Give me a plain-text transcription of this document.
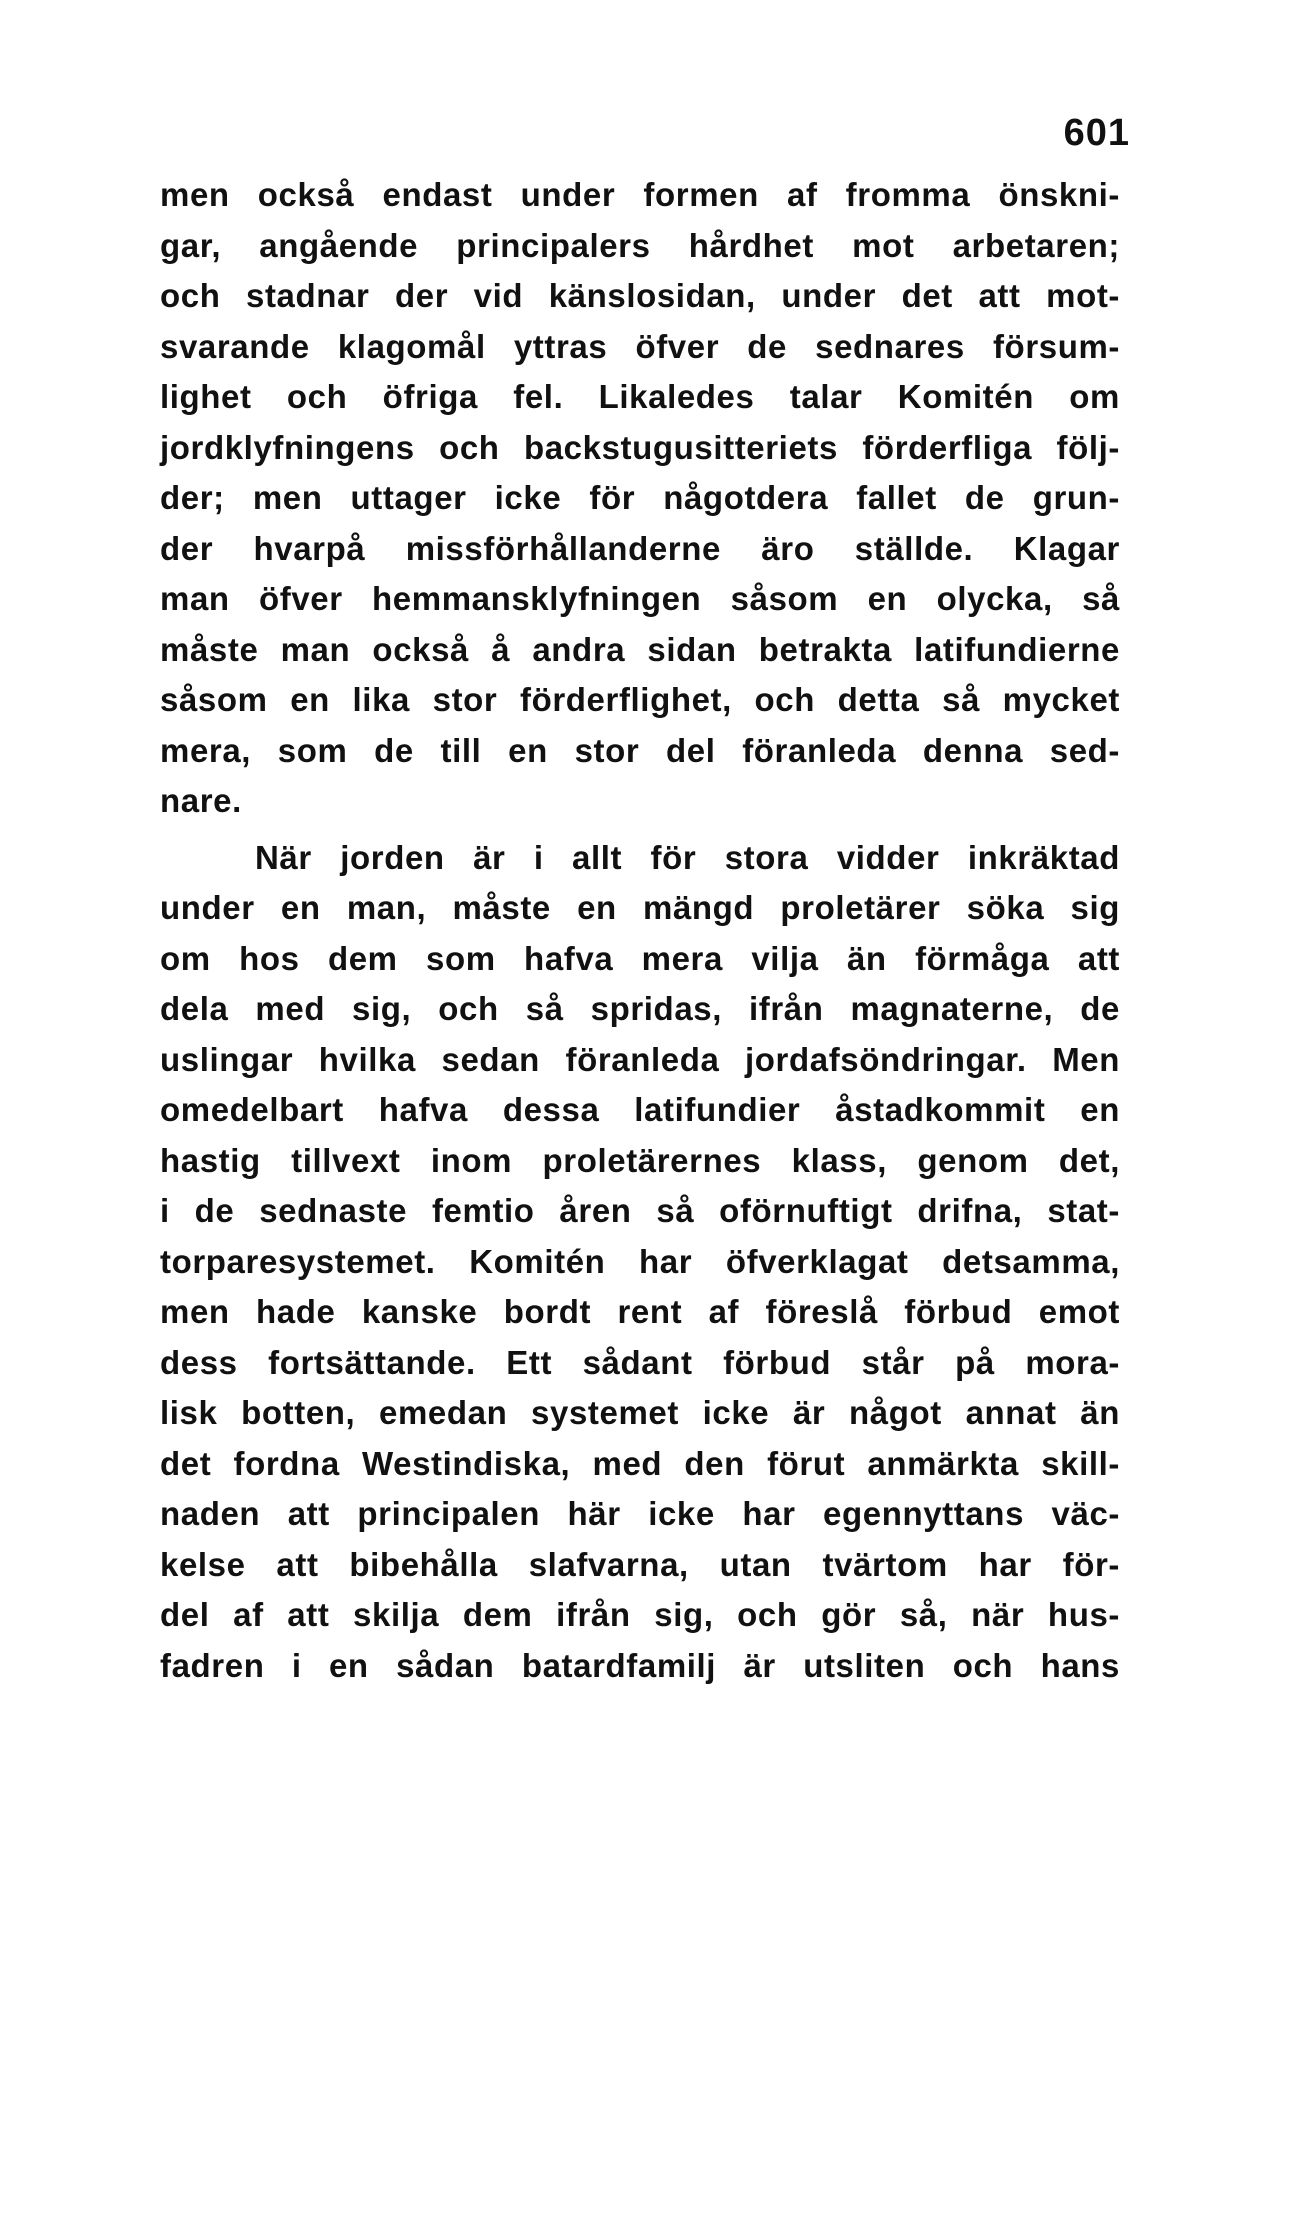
601
men också endast under formen af fromma önskni-
gar, angående principalers hårdhet mot arbetaren;
och stadnar der vid känslosidan, under det att mot-
svarande klagomål yttras öfver de sednares försum-
lighet och öfriga fel. Likaledes talar Komitén om
jordklyfningens och backstugusitteriets förderfliga följ-
der; men uttager icke för någotdera fallet de grun-
der hvarpå missförhållanderne äro ställde. Klagar
man öfver hemmansklyfningen såsom en olycka, så
måste man också å andra sidan betrakta latifundierne
såsom en lika stor förderflighet, och detta så mycket
mera, som de till en stor del föranleda denna sed-
nare.
När jorden är i allt för stora vidder inkräktad
under en man, måste en mängd proletärer söka sig
om hos dem som hafva mera vilja än förmåga att
dela med sig, och så spridas, ifrån magnaterne, de
uslingar hvilka sedan föranleda jordafsöndringar. Men
omedelbart hafva dessa latifundier åstadkommit en
hastig tillvext inom proletärernes klass, genom det,
i de sednaste femtio åren så oförnuftigt drifna, stat-
torparesystemet. Komitén har öfverklagat detsamma,
men hade kanske bordt rent af föreslå förbud emot
dess fortsättande. Ett sådant förbud står på mora-
lisk botten, emedan systemet icke är något annat än
det fordna Westindiska, med den förut anmärkta skill-
naden att principalen här icke har egennyttans väc-
kelse att bibehålla slafvarna, utan tvärtom har för-
del af att skilja dem ifrån sig, och gör så, när hus-
fadren i en sådan batardfamilj är utsliten och hans
